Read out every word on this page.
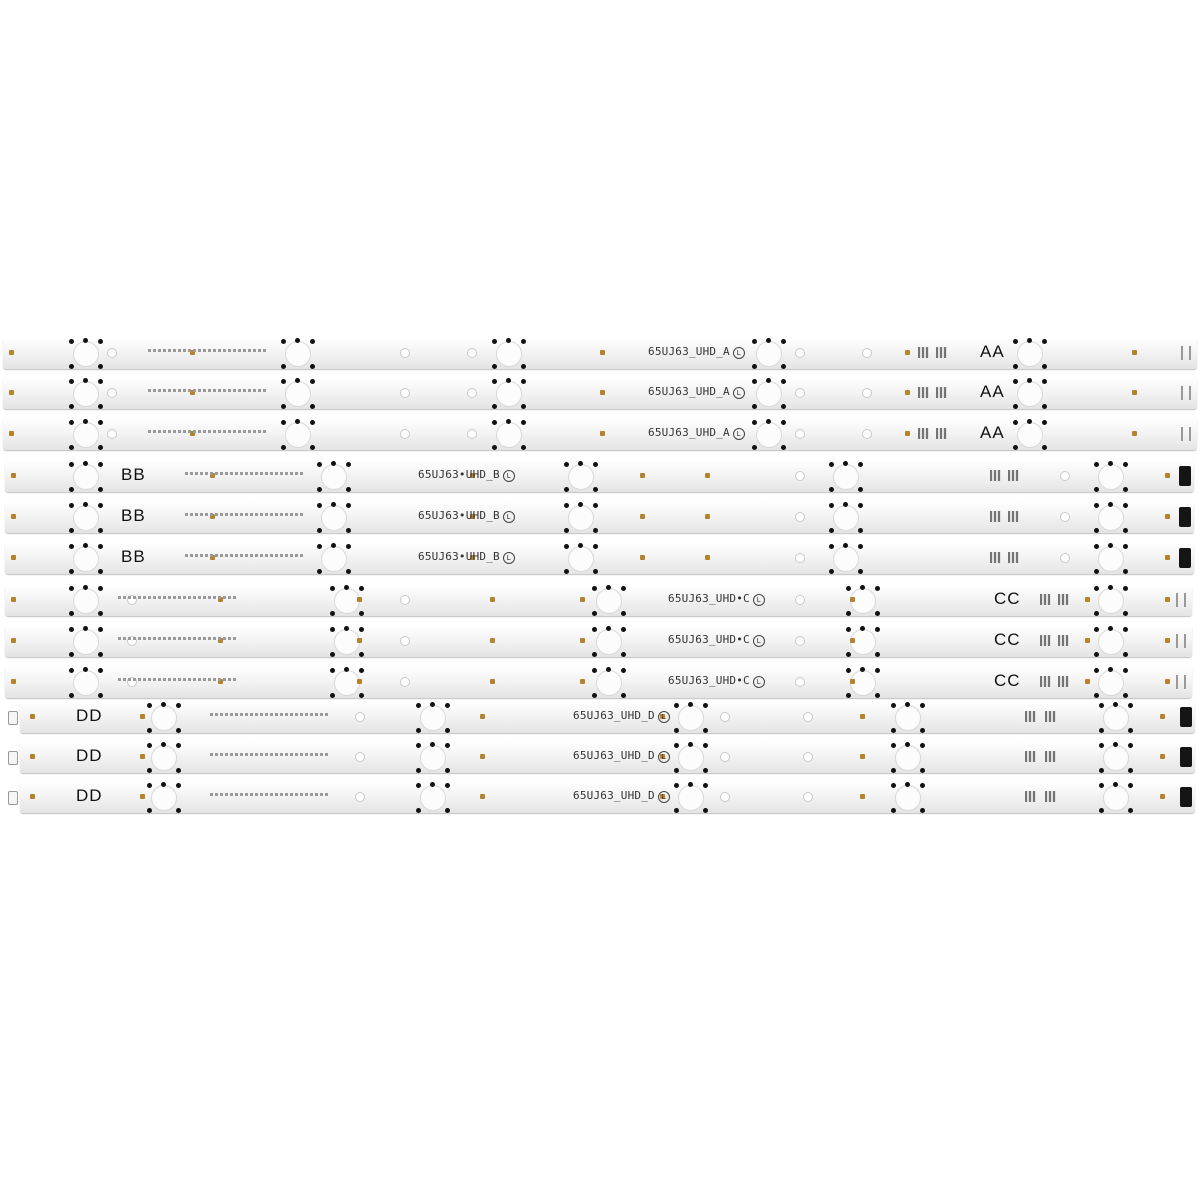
65UJ63_UHD_A L	AA
65UJ63_UHD_A L	AA
65UJ63_UHD_A L	AA
65UJ63•UHD_B L
BB
65UJ63•UHD_B L
BB
65UJ63•UHD_B L
BB
65UJ63_UHD•C L	CC
65UJ63_UHD•C L	CC
65UJ63_UHD•C L	CC
65UJ63_UHD_D L
DD
65UJ63_UHD_D L
DD
65UJ63_UHD_D L
DD
